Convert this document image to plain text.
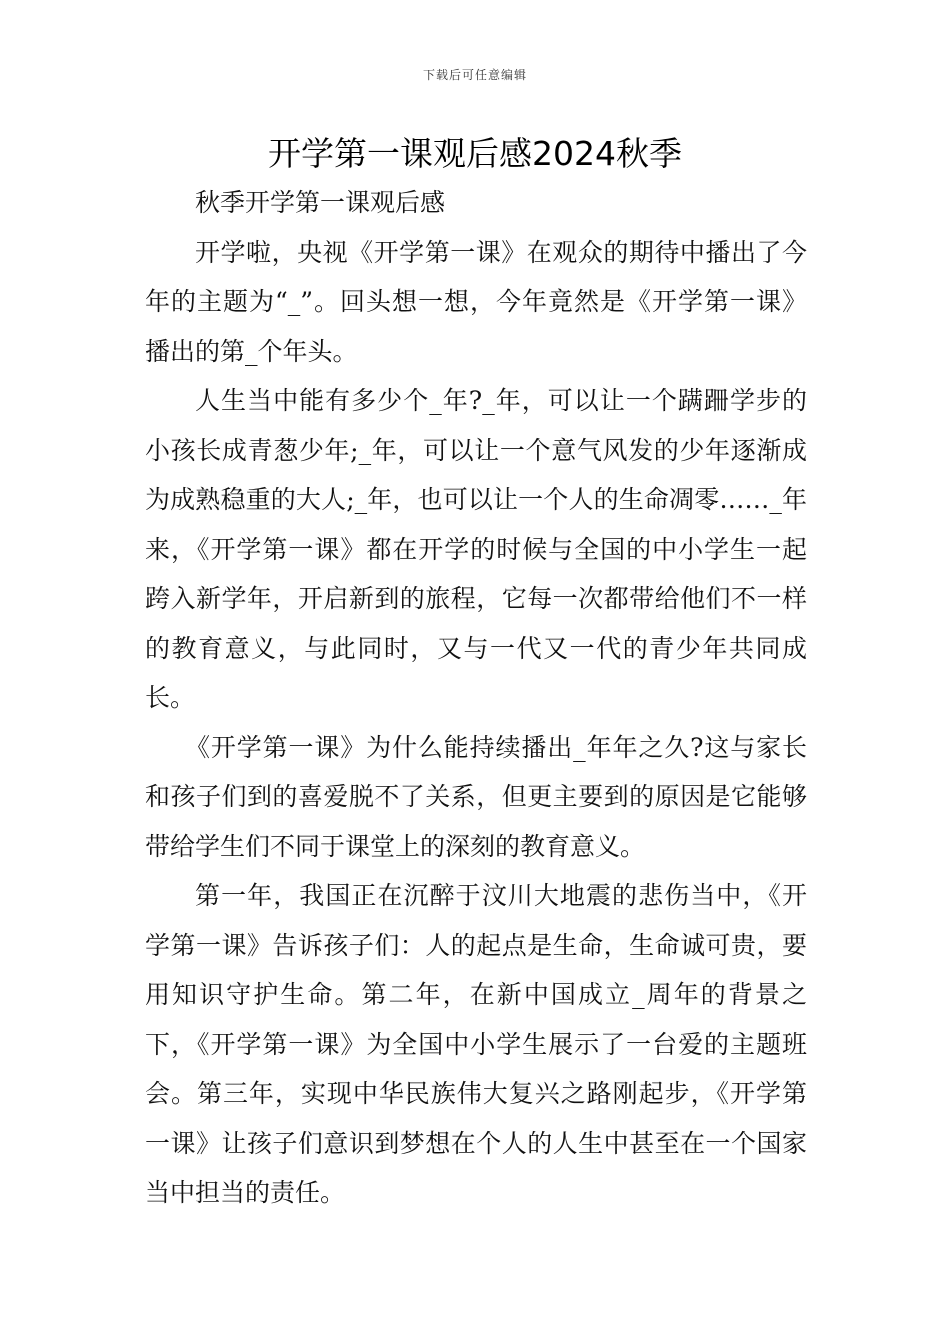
下载后可任意编辑
开学第一课观后感2024秋季

秋季开学第一课观后感

开学啦，央视《开学第一课》在观众的期待中播出了今年的主题为“_”。回头想一想，今年竟然是《开学第一课》播出的第_个年头。

人生当中能有多少个_年?_年，可以让一个蹒跚学步的小孩长成青葱少年;_年，可以让一个意气风发的少年逐渐成为成熟稳重的大人;_年，也可以让一个人的生命凋零……_年来，《开学第一课》都在开学的时候与全国的中小学生一起跨入新学年，开启新到的旅程，它每一次都带给他们不一样的教育意义，与此同时，又与一代又一代的青少年共同成长。

《开学第一课》为什么能持续播出_年年之久?这与家长和孩子们到的喜爱脱不了关系，但更主要到的原因是它能够带给学生们不同于课堂上的深刻的教育意义。

第一年，我国正在沉醉于汶川大地震的悲伤当中，《开学第一课》告诉孩子们：人的起点是生命，生命诚可贵，要用知识守护生命。第二年，在新中国成立_周年的背景之下，《开学第一课》为全国中小学生展示了一台爱的主题班会。第三年，实现中华民族伟大复兴之路刚起步，《开学第一课》让孩子们意识到梦想在个人的人生中甚至在一个国家当中担当的责任。
